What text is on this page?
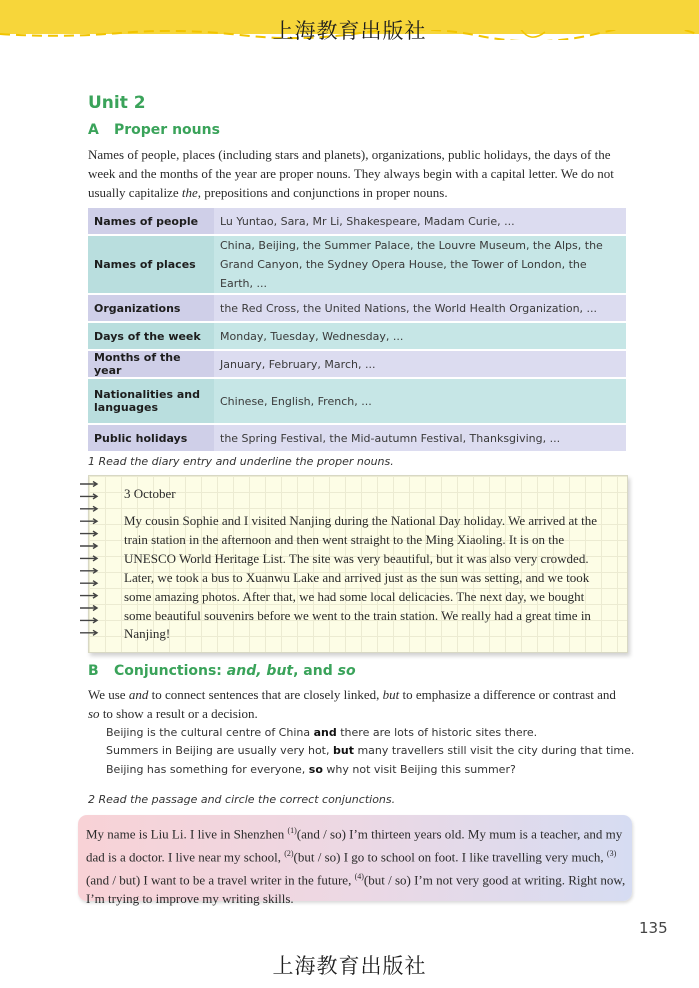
上海教育出版社
Unit 2
A Proper nouns
Names of people, places (including stars and planets), organizations, public holidays, the days of the week and the months of the year are proper nouns. They always begin with a capital letter. We do not usually capitalize the, prepositions and conjunctions in proper nouns.
Names of people	Lu Yuntao, Sara, Mr Li, Shakespeare, Madam Curie, ...
Names of places	China, Beijing, the Summer Palace, the Louvre Museum, the Alps, the Grand Canyon, the Sydney Opera House, the Tower of London, the Earth, ...
Organizations	the Red Cross, the United Nations, the World Health Organization, ...
Days of the week	Monday, Tuesday, Wednesday, ...
Months of the year	January, February, March, ...
Nationalities and languages	Chinese, English, French, ...
Public holidays	the Spring Festival, the Mid-autumn Festival, Thanksgiving, ...
1 Read the diary entry and underline the proper nouns.
3 October
My cousin Sophie and I visited Nanjing during the National Day holiday. We arrived at the train station in the afternoon and then went straight to the Ming Xiaoling. It is on the UNESCO World Heritage List. The site was very beautiful, but it was also very crowded. Later, we took a bus to Xuanwu Lake and arrived just as the sun was setting, and we took some amazing photos. After that, we had some local delicacies. The next day, we bought some beautiful souvenirs before we went to the train station. We really had a great time in Nanjing!
B Conjunctions: and, but, and so
We use and to connect sentences that are closely linked, but to emphasize a difference or contrast and so to show a result or a decision.
Beijing is the cultural centre of China and there are lots of historic sites there.
Summers in Beijing are usually very hot, but many travellers still visit the city during that time.
Beijing has something for everyone, so why not visit Beijing this summer?
2 Read the passage and circle the correct conjunctions.
My name is Liu Li. I live in Shenzhen $^{(1)}$(and / so) I’m thirteen years old. My mum is a teacher, and my dad is a doctor. I live near my school, $^{(2)}$(but / so) I go to school on foot. I like travelling very much, $^{(3)}$(and / but) I want to be a travel writer in the future, $^{(4)}$(but / so) I’m not very good at writing. Right now, I’m trying to improve my writing skills.
135
上海教育出版社
